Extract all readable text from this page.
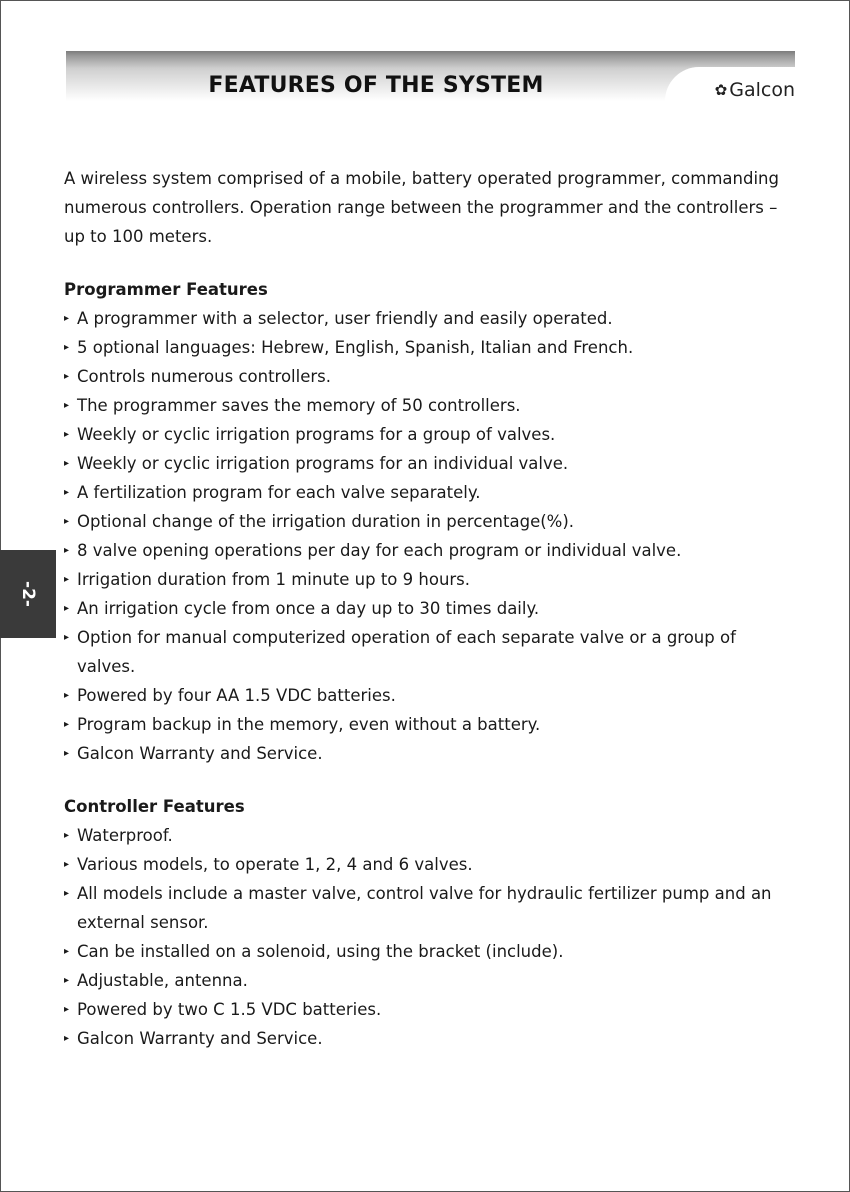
FEATURES OF THE SYSTEM	✿ Galcon
-2-

A wireless system comprised of a mobile, battery operated programmer, commanding numerous controllers. Operation range between the programmer and the controllers – up to 100 meters.

Programmer Features

▸ A programmer with a selector, user friendly and easily operated.
▸ 5 optional languages: Hebrew, English, Spanish, Italian and French.
▸ Controls numerous controllers.
▸ The programmer saves the memory of 50 controllers.
▸ Weekly or cyclic irrigation programs for a group of valves.
▸ Weekly or cyclic irrigation programs for an individual valve.
▸ A fertilization program for each valve separately.
▸ Optional change of the irrigation duration in percentage(%).
▸ 8 valve opening operations per day for each program or individual valve.
▸ Irrigation duration from 1 minute up to 9 hours.
▸ An irrigation cycle from once a day up to 30 times daily.
▸ Option for manual computerized operation of each separate valve or a group of valves.
▸ Powered by four AA 1.5 VDC batteries.
▸ Program backup in the memory, even without a battery.
▸ Galcon Warranty and Service.

Controller Features

▸ Waterproof.
▸ Various models, to operate 1, 2, 4 and 6 valves.
▸ All models include a master valve, control valve for hydraulic fertilizer pump and an external sensor.
▸ Can be installed on a solenoid, using the bracket (include).
▸ Adjustable, antenna.
▸ Powered by two C 1.5 VDC batteries.
▸ Galcon Warranty and Service.
